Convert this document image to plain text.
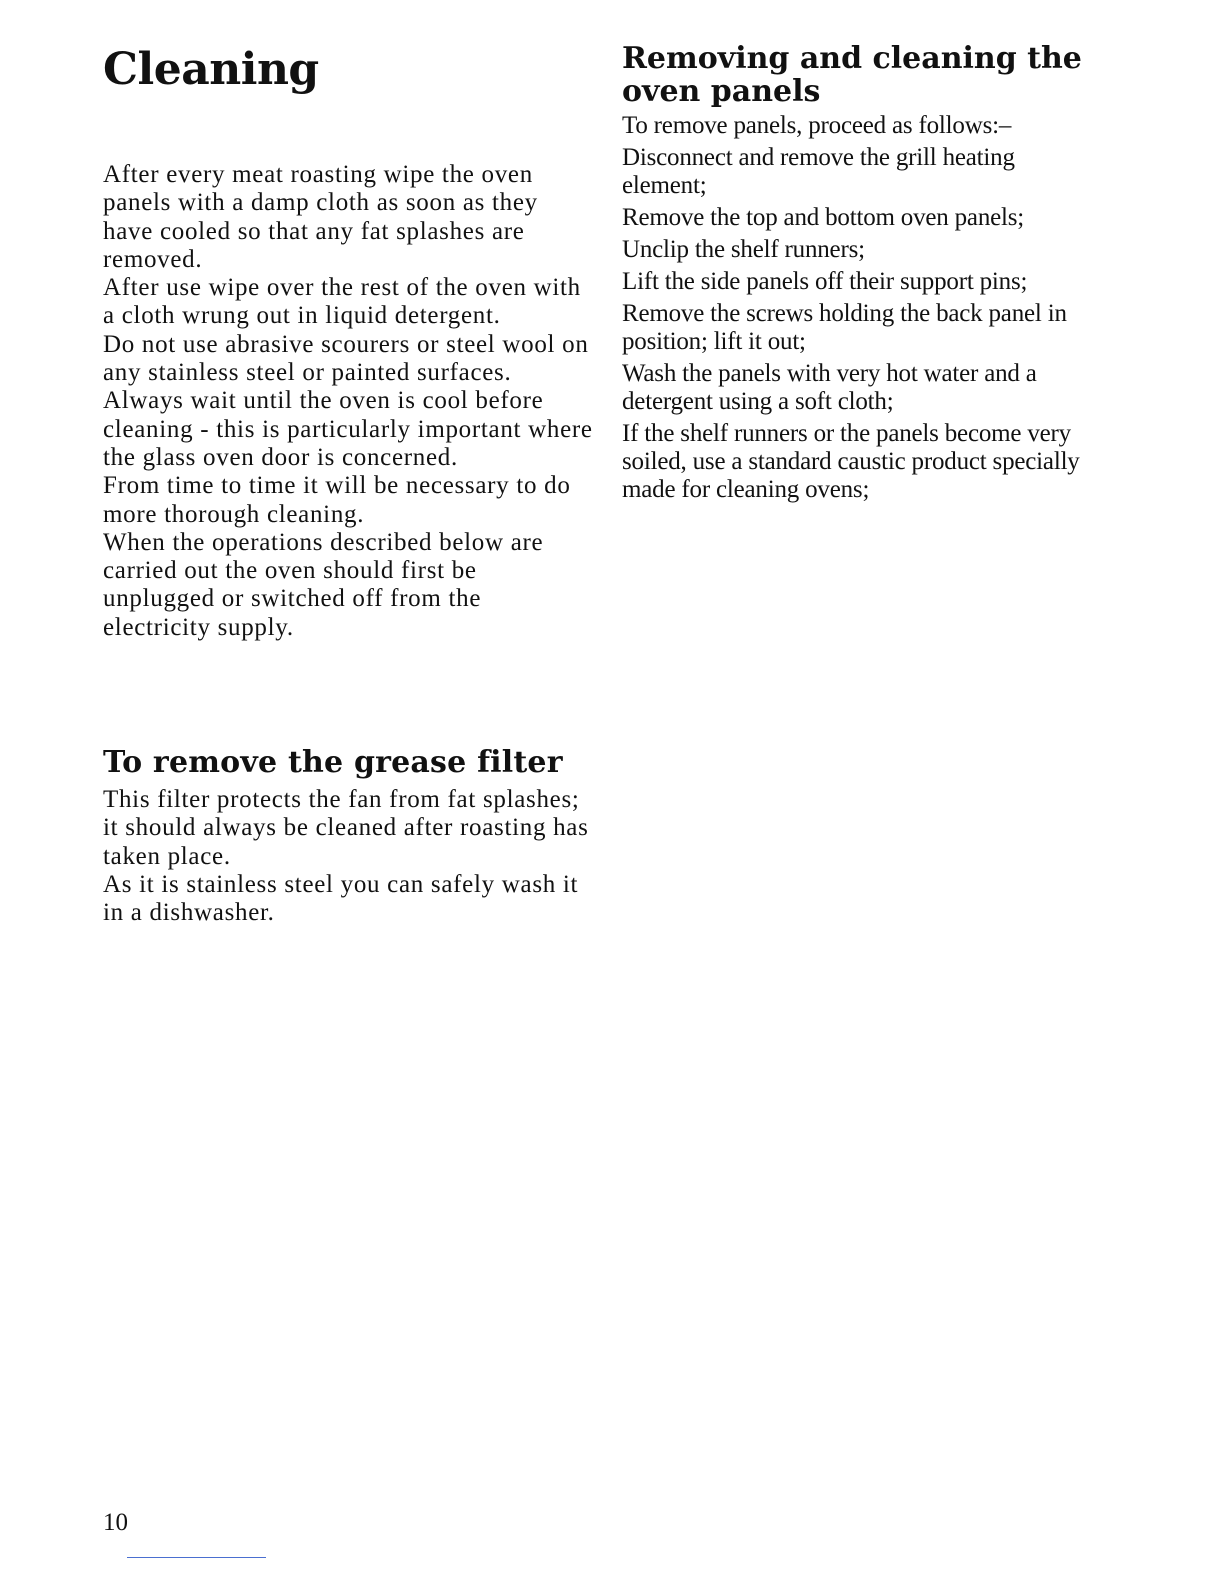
Cleaning

After every meat roasting wipe the oven panels with a damp cloth as soon as they have cooled so that any fat splashes are removed.

After use wipe over the rest of the oven with a cloth wrung out in liquid detergent.

Do not use abrasive scourers or steel wool on any stainless steel or painted surfaces.

Always wait until the oven is cool before cleaning - this is particularly important where the glass oven door is concerned.

From time to time it will be necessary to do more thorough cleaning.

When the operations described below are carried out the oven should first be unplugged or switched off from the electricity supply.

To remove the grease filter

This filter protects the fan from fat splashes; it should always be cleaned after roasting has taken place.

As it is stainless steel you can safely wash it in a dishwasher.

Removing and cleaning the oven panels
To remove panels, proceed as follows:–
Disconnect and remove the grill heating element;
Remove the top and bottom oven panels;
Unclip the shelf runners;
Lift the side panels off their support pins;
Remove the screws holding the back panel in position; lift it out;
Wash the panels with very hot water and a detergent using a soft cloth;
If the shelf runners or the panels become very soiled, use a standard caustic product specially made for cleaning ovens;
10
